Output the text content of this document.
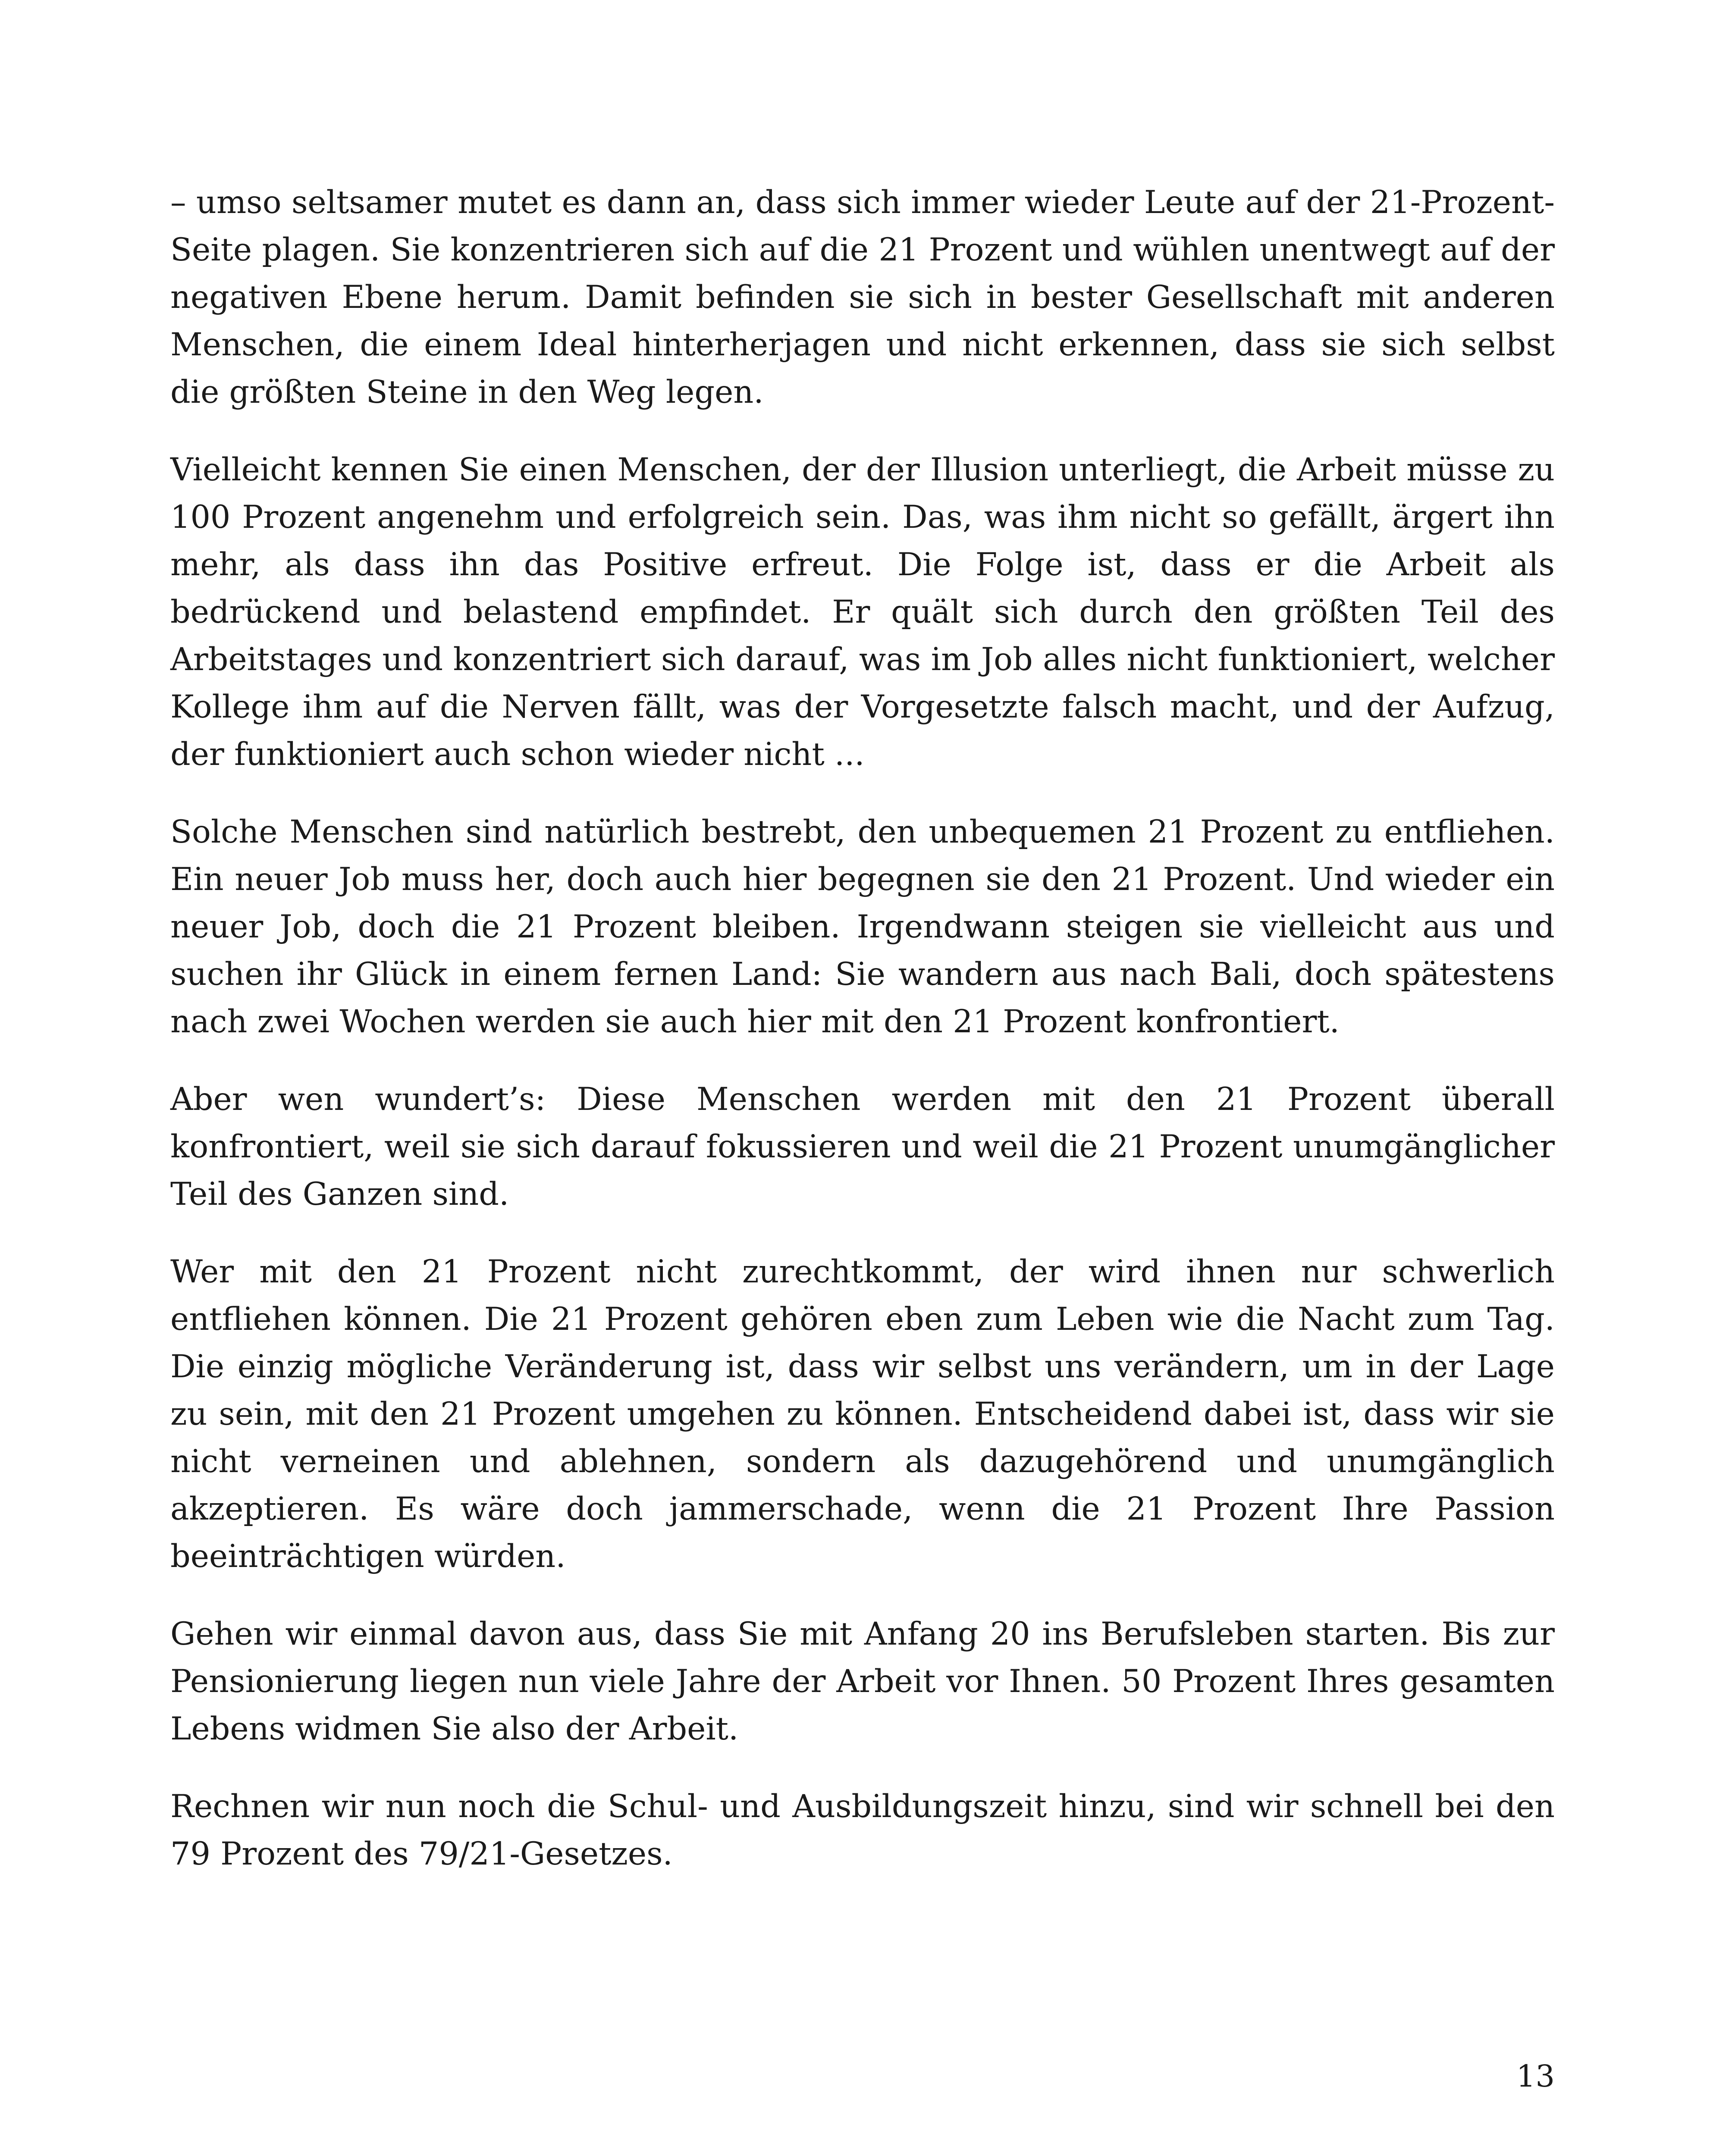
– umso seltsamer mutet es dann an, dass sich immer wieder Leute auf der 21-Prozent-Seite plagen. Sie konzentrieren sich auf die 21 Prozent und wühlen unentwegt auf der negativen Ebene herum. Damit befinden sie sich in bester Gesellschaft mit anderen Menschen, die einem Ideal hinterherjagen und nicht erkennen, dass sie sich selbst die größten Steine in den Weg legen.

Vielleicht kennen Sie einen Menschen, der der Illusion unterliegt, die Arbeit müsse zu 100 Prozent angenehm und erfolgreich sein. Das, was ihm nicht so gefällt, ärgert ihn mehr, als dass ihn das Positive erfreut. Die Folge ist, dass er die Arbeit als bedrückend und belastend empfindet. Er quält sich durch den größten Teil des Arbeitstages und konzentriert sich darauf, was im Job alles nicht funktioniert, welcher Kollege ihm auf die Nerven fällt, was der Vorgesetzte falsch macht, und der Aufzug, der funktioniert auch schon wieder nicht ...

Solche Menschen sind natürlich bestrebt, den unbequemen 21 Prozent zu entfliehen. Ein neuer Job muss her, doch auch hier begegnen sie den 21 Prozent. Und wieder ein neuer Job, doch die 21 Prozent bleiben. Irgendwann steigen sie vielleicht aus und suchen ihr Glück in einem fernen Land: Sie wandern aus nach Bali, doch spätestens nach zwei Wochen werden sie auch hier mit den 21 Prozent konfrontiert.

Aber wen wundert’s: Diese Menschen werden mit den 21 Prozent überall konfrontiert, weil sie sich darauf fokussieren und weil die 21 Prozent unumgänglicher Teil des Ganzen sind.

Wer mit den 21 Prozent nicht zurechtkommt, der wird ihnen nur schwerlich entfliehen können. Die 21 Prozent gehören eben zum Leben wie die Nacht zum Tag. Die einzig mögliche Veränderung ist, dass wir selbst uns verändern, um in der Lage zu sein, mit den 21 Prozent umgehen zu können. Entscheidend dabei ist, dass wir sie nicht verneinen und ablehnen, sondern als dazugehörend und unumgänglich akzeptieren. Es wäre doch jammerschade, wenn die 21 Prozent Ihre Passion beeinträchtigen würden.

Gehen wir einmal davon aus, dass Sie mit Anfang 20 ins Berufsleben starten. Bis zur Pensionierung liegen nun viele Jahre der Arbeit vor Ihnen. 50 Prozent Ihres gesamten Lebens widmen Sie also der Arbeit.

Rechnen wir nun noch die Schul- und Ausbildungszeit hinzu, sind wir schnell bei den 79 Prozent des 79/21-Gesetzes.

13
